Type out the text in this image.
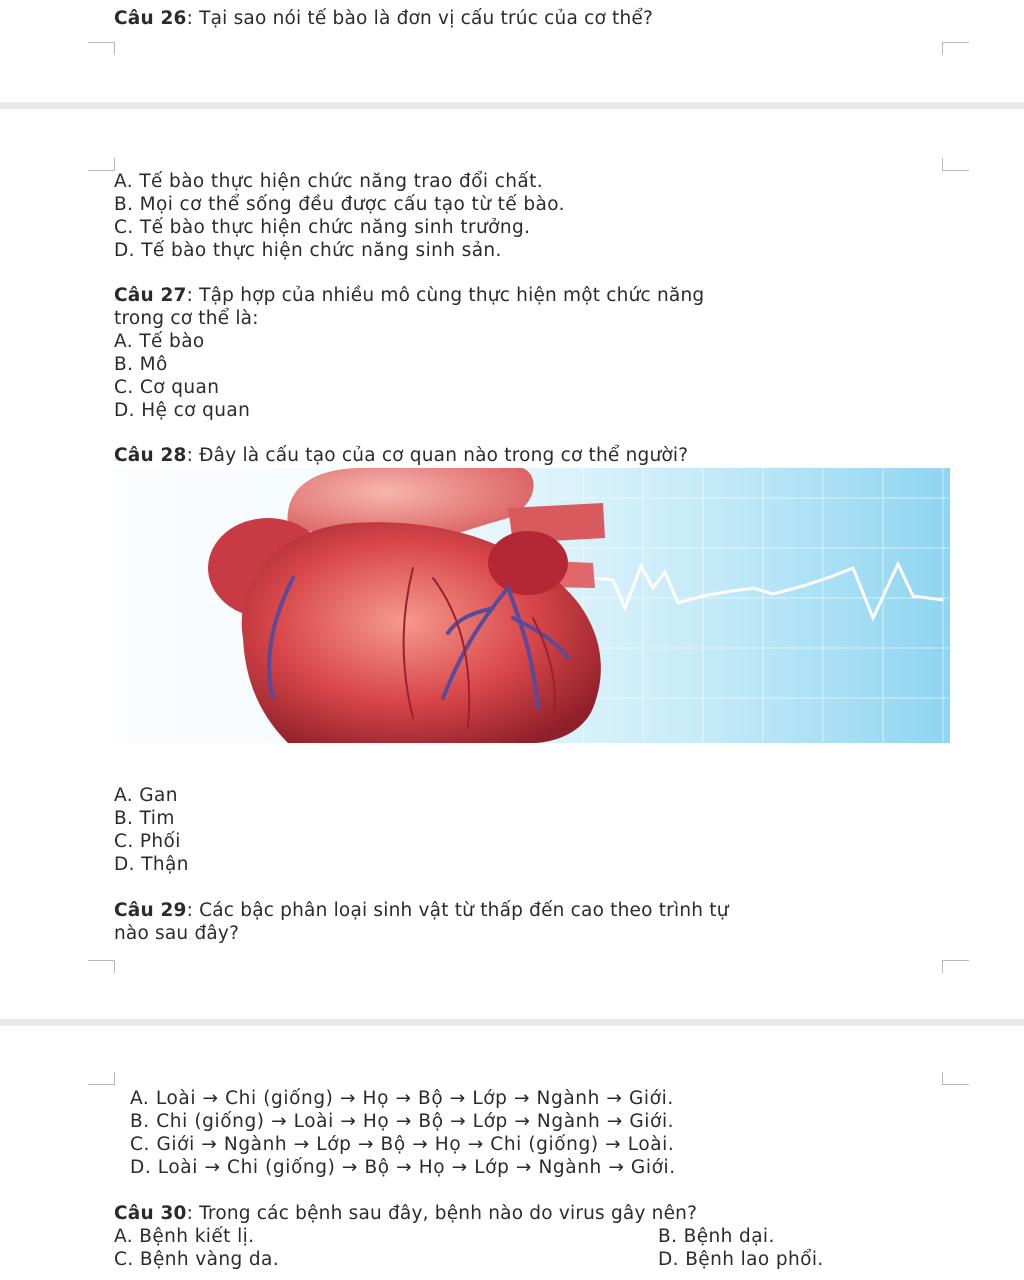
Câu 26: Tại sao nói tế bào là đơn vị cấu trúc của cơ thể?
A. Tế bào thực hiện chức năng trao đổi chất.
B. Mọi cơ thể sống đều được cấu tạo từ tế bào.
C. Tế bào thực hiện chức năng sinh trưởng.
D. Tế bào thực hiện chức năng sinh sản.
Câu 27: Tập hợp của nhiều mô cùng thực hiện một chức năng
trong cơ thể là:
A. Tế bào
B. Mô
C. Cơ quan
D. Hệ cơ quan
Câu 28: Đây là cấu tạo của cơ quan nào trong cơ thể người?
A. Gan
B. Tim
C. Phối
D. Thận
Câu 29: Các bậc phân loại sinh vật từ thấp đến cao theo trình tự
nào sau đây?
A. Loài → Chi (giống) → Họ → Bộ → Lớp → Ngành → Giới.
B. Chi (giống) → Loài → Họ → Bộ → Lớp → Ngành → Giới.
C. Giới → Ngành → Lớp → Bộ → Họ → Chi (giống) → Loài.
D. Loài → Chi (giống) → Bộ → Họ → Lớp → Ngành → Giới.
Câu 30: Trong các bệnh sau đây, bệnh nào do virus gây nên?
A. Bệnh kiết lị.	B. Bệnh dại.
C. Bệnh vàng da.	D. Bệnh lao phổi.
